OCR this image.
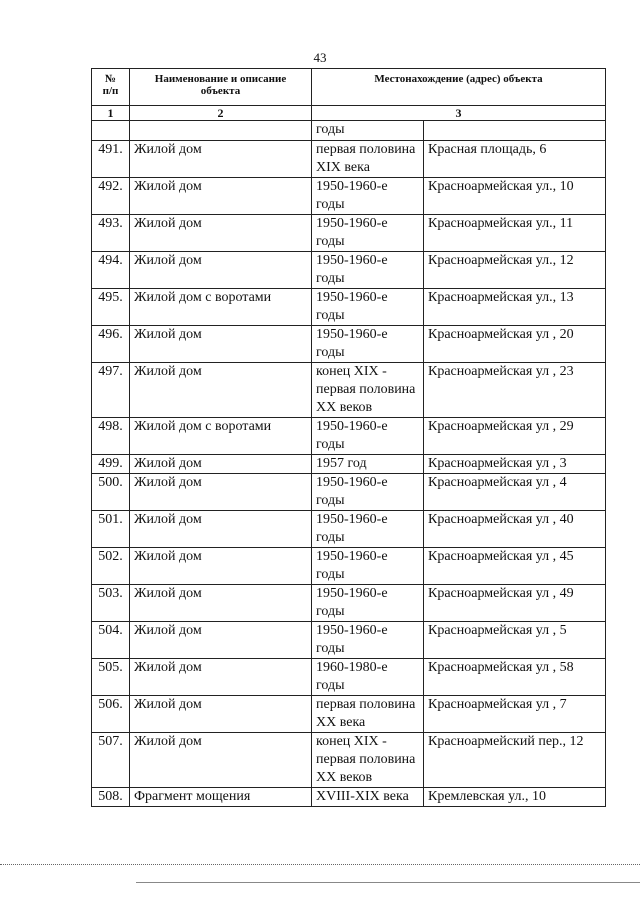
43
№
п/п	Наименование и описание объекта	Местонахождение (адрес) объекта	
1	2	3	
		годы	
491.	Жилой дом	первая половина XIX века	Красная площадь, 6
492.	Жилой дом	1950-1960-е годы	Красноармейская ул., 10
493.	Жилой дом	1950-1960-е годы	Красноармейская ул., 11
494.	Жилой дом	1950-1960-е годы	Красноармейская ул., 12
495.	Жилой дом с воротами	1950-1960-е годы	Красноармейская ул., 13
496.	Жилой дом	1950-1960-е годы	Красноармейская ул , 20
497.	Жилой дом	конец XIX - первая половина XX веков	Красноармейская ул , 23
498.	Жилой дом с воротами	1950-1960-е годы	Красноармейская ул , 29
499.	Жилой дом	1957 год	Красноармейская ул , 3
500.	Жилой дом	1950-1960-е годы	Красноармейская ул , 4
501.	Жилой дом	1950-1960-е годы	Красноармейская ул , 40
502.	Жилой дом	1950-1960-е годы	Красноармейская ул , 45
503.	Жилой дом	1950-1960-е годы	Красноармейская ул , 49
504.	Жилой дом	1950-1960-е годы	Красноармейская ул , 5
505.	Жилой дом	1960-1980-е годы	Красноармейская ул , 58
506.	Жилой дом	первая половина XX века	Красноармейская ул , 7
507.	Жилой дом	конец XIX - первая половина XX веков	Красноармейский пер., 12
508.	Фрагмент мощения	XVIII-XIX века	Кремлевская ул., 10
